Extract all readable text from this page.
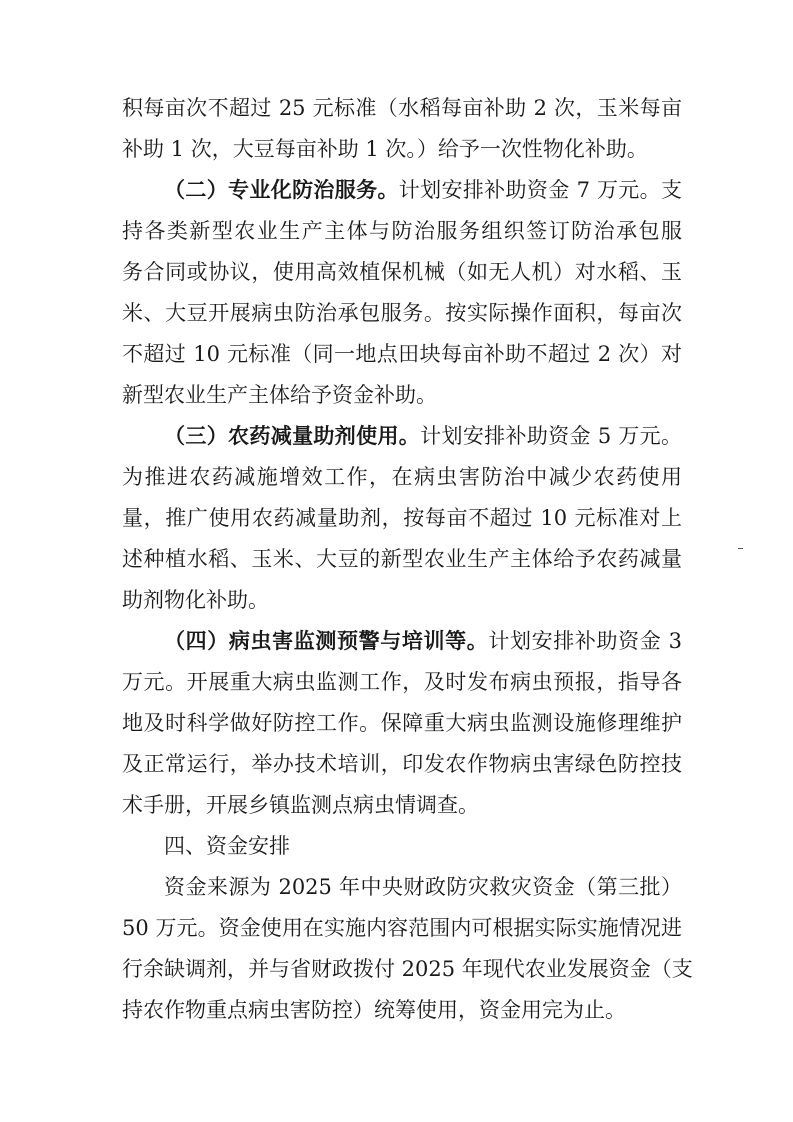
积每亩次不超过 25 元标准（水稻每亩补助 2 次，玉米每亩
补助 1 次，大豆每亩补助 1 次。）给予一次性物化补助。
（二）专业化防治服务。计划安排补助资金 7 万元。支
持各类新型农业生产主体与防治服务组织签订防治承包服
务合同或协议，使用高效植保机械（如无人机）对水稻、玉
米、大豆开展病虫防治承包服务。按实际操作面积，每亩次
不超过 10 元标准（同一地点田块每亩补助不超过 2 次）对
新型农业生产主体给予资金补助。
（三）农药减量助剂使用。计划安排补助资金 5 万元。
为推进农药减施增效工作，在病虫害防治中减少农药使用
量，推广使用农药减量助剂，按每亩不超过 10 元标准对上
述种植水稻、玉米、大豆的新型农业生产主体给予农药减量
助剂物化补助。
（四）病虫害监测预警与培训等。计划安排补助资金 3
万元。开展重大病虫监测工作，及时发布病虫预报，指导各
地及时科学做好防控工作。保障重大病虫监测设施修理维护
及正常运行，举办技术培训，印发农作物病虫害绿色防控技
术手册，开展乡镇监测点病虫情调查。
四、资金安排
资金来源为 2025 年中央财政防灾救灾资金（第三批）
50 万元。资金使用在实施内容范围内可根据实际实施情况进
行余缺调剂，并与省财政拨付 2025 年现代农业发展资金（支
持农作物重点病虫害防控）统筹使用，资金用完为止。
